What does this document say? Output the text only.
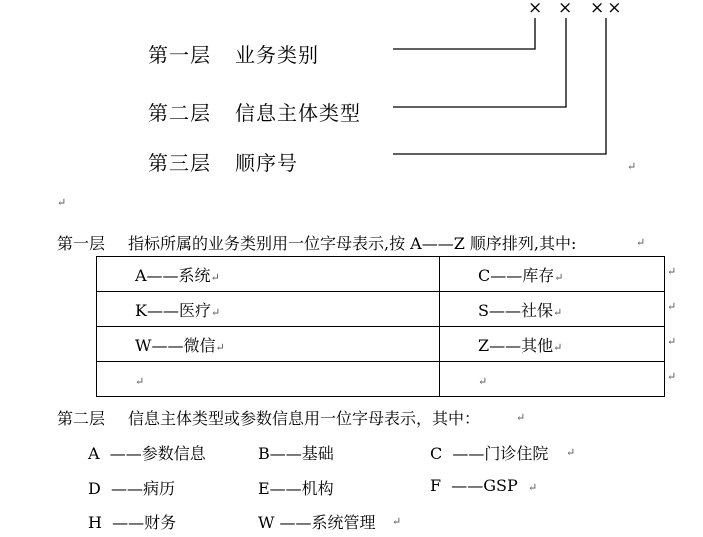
× × ××
第一层 业务类别
第二层 信息主体类型
第三层 顺序号	↵
↵
第一层 指标所属的业务类别用一位字母表示,按 A——Z 顺序排列,其中:	↵
A——系统↵	C——库存↵
K——医疗↵	S——社保↵
W——微信↵	Z——其他↵
↵	↵
↵
↵
↵
↵
第二层 信息主体类型或参数信息用一位字母表示，其中：	↵
A  ——参数信息	B——基础	C  ——门诊住院 ↵
D  ——病历	E——机构	F  ——GSP ↵
H  ——财务	W ——系统管理 ↵
